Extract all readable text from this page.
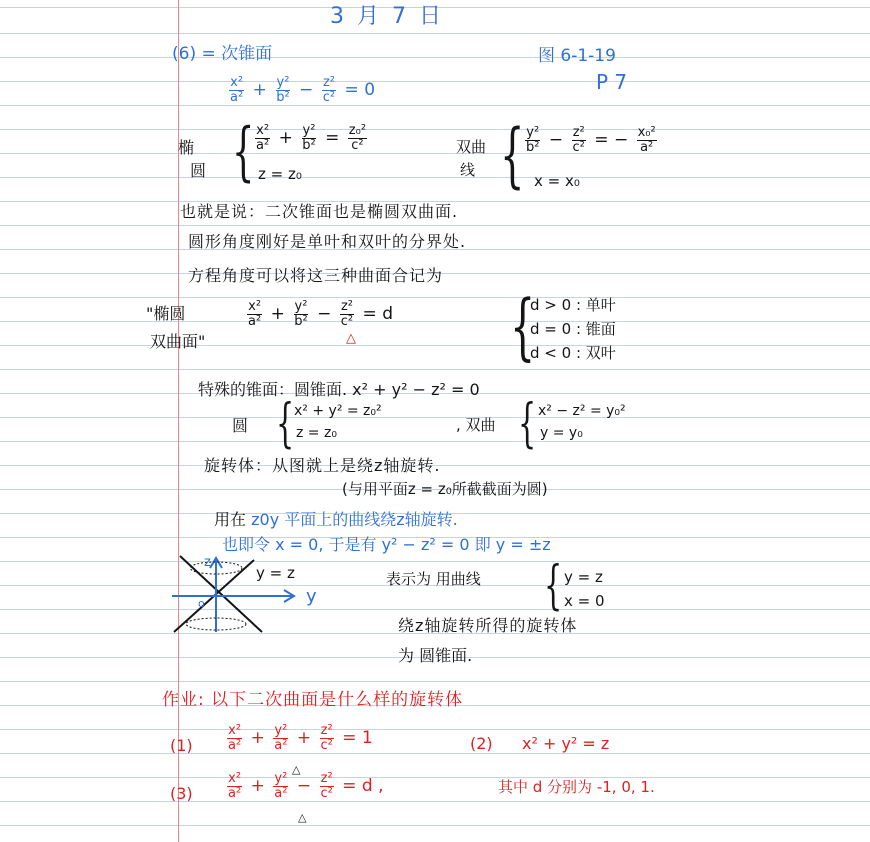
3 月 7 日
(6) = 次锥面	图 6-1-19
P 7
$\frac{\text{x²}}{\text{a²}} + \frac{\text{y²}}{\text{b²}} - \frac{\text{z²}}{\text{c²}} = 0$
椭
圆 { $\frac{\text{x²}}{\text{a²}} + \frac{\text{y²}}{\text{b²}} = \frac{\text{z₀²}}{\text{c²}}$
z = z₀
双曲
线 { $\frac{\text{y²}}{\text{b²}} - \frac{\text{z²}}{\text{c²}}$ = − $\frac{\text{x₀²}}{\text{a²}}$
x = x₀
也就是说：二次锥面也是椭圆双曲面.
圆形角度刚好是单叶和双叶的分界处.
方程角度可以将这三种曲面合记为
"椭圆
双曲面"
$\frac{\text{x²}}{\text{a²}} + \frac{\text{y²}}{\text{b²}} - \frac{\text{z²}}{\text{c²}} = d$
△ {
d > 0 : 单叶
d = 0 : 锥面
d < 0 : 双叶
特殊的锥面：圆锥面. x² + y² − z² = 0
圆 { x² + y² = z₀²
z = z₀	, 双曲 { x² − z² = y₀²
y = y₀
旋转体：从图就上是绕z轴旋转.
(与用平面z = z₀所截截面为圆)
用在 z0y 平面上的曲线绕z轴旋转.
也即令 x = 0, 于是有 y² − z² = 0 即 y = ±z
y = z
z
y
o
表示为 用曲线 { y = z
x = 0
绕z轴旋转所得的旋转体
为 圆锥面.
作业: 以下二次曲面是什么样的旋转体
(1)	$\frac{\text{x²}}{\text{a²}} + \frac{\text{y²}}{\text{a²}} + \frac{\text{z²}}{\text{c²}} = 1$
△
(2) x² + y² = z
(3)	$\frac{\text{x²}}{\text{a²}} + \frac{\text{y²}}{\text{a²}} - \frac{\text{z²}}{\text{c²}} = d$ ,	其中 d 分别为 -1, 0, 1.
△
